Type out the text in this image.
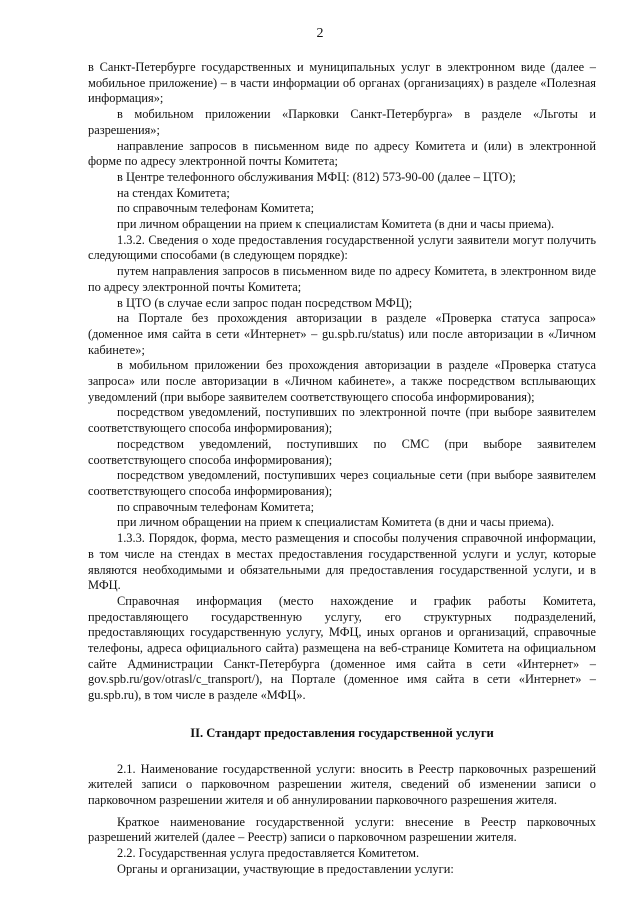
2

в Санкт-Петербурге государственных и муниципальных услуг в электронном виде (далее – мобильное приложение) – в части информации об органах (организациях) в разделе «Полезная информация»;

в мобильном приложении «Парковки Санкт-Петербурга» в разделе «Льготы и разрешения»;

направление запросов в письменном виде по адресу Комитета и (или) в электронной форме по адресу электронной почты Комитета;

в Центре телефонного обслуживания МФЦ: (812) 573-90-00 (далее – ЦТО);

на стендах Комитета;

по справочным телефонам Комитета;

при личном обращении на прием к специалистам Комитета (в дни и часы приема).

1.3.2. Сведения о ходе предоставления государственной услуги заявители могут получить следующими способами (в следующем порядке):

путем направления запросов в письменном виде по адресу Комитета, в электронном виде по адресу электронной почты Комитета;

в ЦТО (в случае если запрос подан посредством МФЦ);

на Портале без прохождения авторизации в разделе «Проверка статуса запроса» (доменное имя сайта в сети «Интернет» – gu.spb.ru/status) или после авторизации в «Личном кабинете»;

в мобильном приложении без прохождения авторизации в разделе «Проверка статуса запроса» или после авторизации в «Личном кабинете», а также посредством всплывающих уведомлений (при выборе заявителем соответствующего способа информирования);

посредством уведомлений, поступивших по электронной почте (при выборе заявителем соответствующего способа информирования);

посредством уведомлений, поступивших по СМС (при выборе заявителем соответствующего способа информирования);

посредством уведомлений, поступивших через социальные сети (при выборе заявителем соответствующего способа информирования);

по справочным телефонам Комитета;

при личном обращении на прием к специалистам Комитета (в дни и часы приема).

1.3.3. Порядок, форма, место размещения и способы получения справочной информации, в том числе на стендах в местах предоставления государственной услуги и услуг, которые являются необходимыми и обязательными для предоставления государственной услуги, и в МФЦ.

Справочная информация (место нахождение и график работы Комитета, предоставляющего государственную услугу, его структурных подразделений, предоставляющих государственную услугу, МФЦ, иных органов и организаций, справочные телефоны, адреса официального сайта) размещена на веб-странице Комитета на официальном сайте Администрации Санкт-Петербурга (доменное имя сайта в сети «Интернет» – gov.spb.ru/gov/otrasl/c_transport/), на Портале (доменное имя сайта в сети «Интернет» – gu.spb.ru), в том числе в разделе «МФЦ».

II. Стандарт предоставления государственной услуги

2.1. Наименование государственной услуги: вносить в Реестр парковочных разрешений жителей записи о парковочном разрешении жителя, сведений об изменении записи о парковочном разрешении жителя и об аннулировании парковочного разрешения жителя.

Краткое наименование государственной услуги: внесение в Реестр парковочных разрешений жителей (далее – Реестр) записи о парковочном разрешении жителя.

2.2. Государственная услуга предоставляется Комитетом.

Органы и организации, участвующие в предоставлении услуги:
